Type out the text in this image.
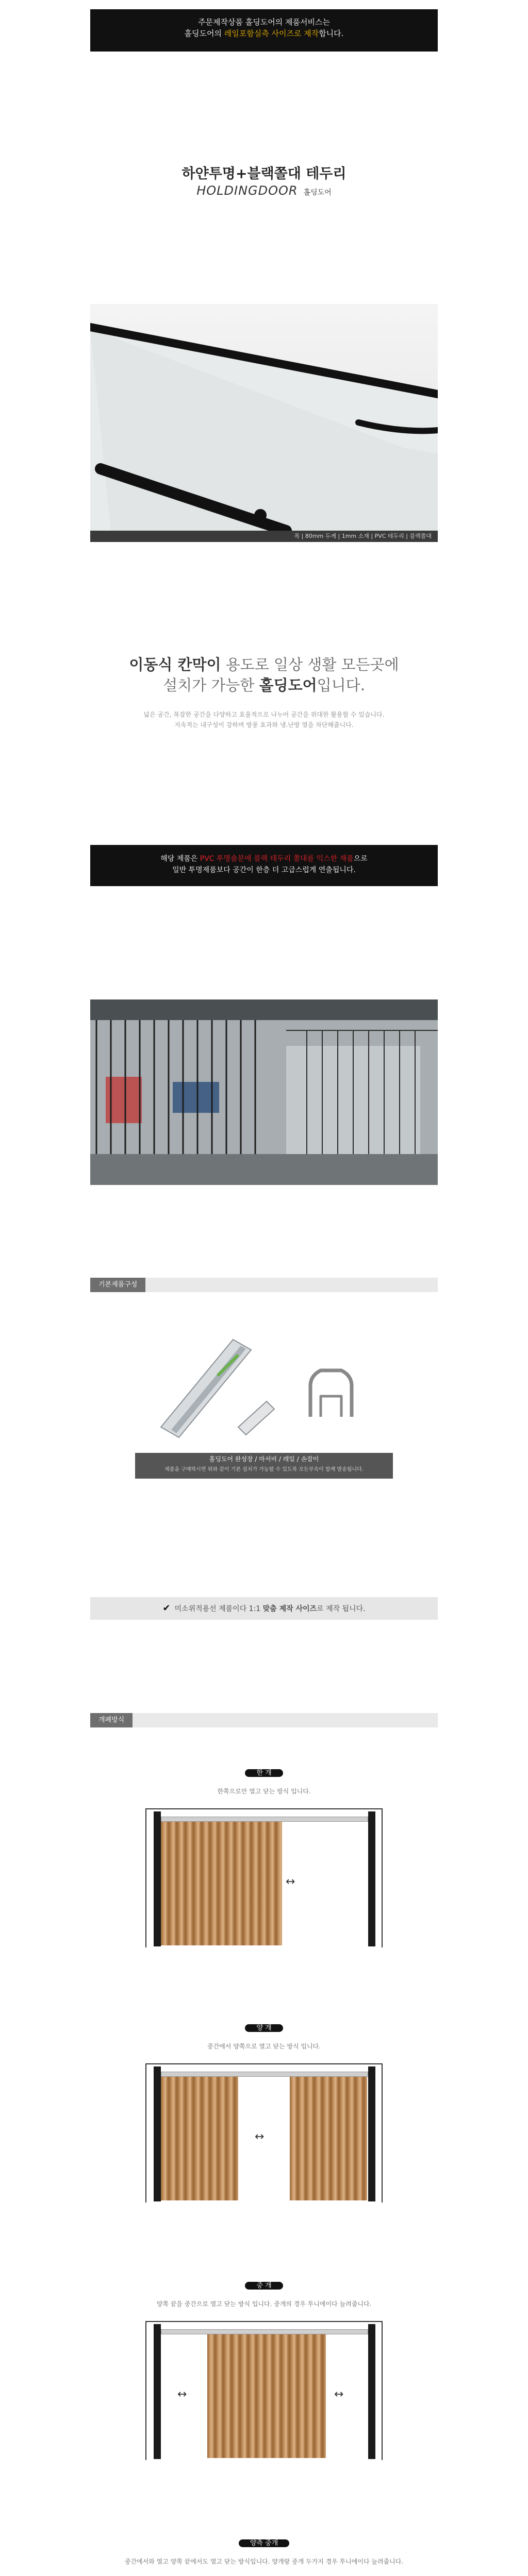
주문제작상품 홀딩도어의 제품서비스는
홀딩도어의 레일포함실측 사이즈로 제작합니다.
하얀투명+블랙쫄대 테두리
HOLDINGDOOR 홀딩도어
폭 | 80mm 두께 | 1mm 소재 | PVC 테두리 | 블랙쫄대
이동식 칸막이 용도로 일상 생활 모든곳에
설치가 가능한 홀딩도어입니다.
넓은 공간, 복잡한 공간을 다양하고 효율적으로 나누어 공간을 위대한 활용할 수 있습니다.
지속적는 내구성이 강하며 방풍 효과와 냉.난방 열을 차단해줍니다.
해당 제품은 PVC 투명숄분에 블랙 테두리 쫄대를 익스한 재품으로
일반 투명제품보다 공간이 한층 더 고급스럽게 연출됩니다.
기본제품구성
홀딩도어 완성장 / 마서비 / 레일 / 손잡이
제품을 구매하시면 위와 같이 기본 설치가 가능할 수 있도록 모든부속이 함께 발송됩니다.
✔ 미소위적용선 제품이다 1:1 맞춤 제작 사이즈로 제작 됩니다.
개폐방식
한 개
한쪽으로만 열고 닫는 방식 입니다.
↔
양 개
중간에서 양쪽으로 열고 닫는 방식 입니다.
↔
중 개
양쪽 끝을 중간으로 열고 닫는 방식 입니다. 중개의 경우 투니에이다 늘려줍니다.
↔	↔
양측 중개
중간에서와 열고 양쪽 끝에서도 열고 닫는 방식입니다. 양개랑 중개 두가지 경우 투니에이다 늘려줍니다.
